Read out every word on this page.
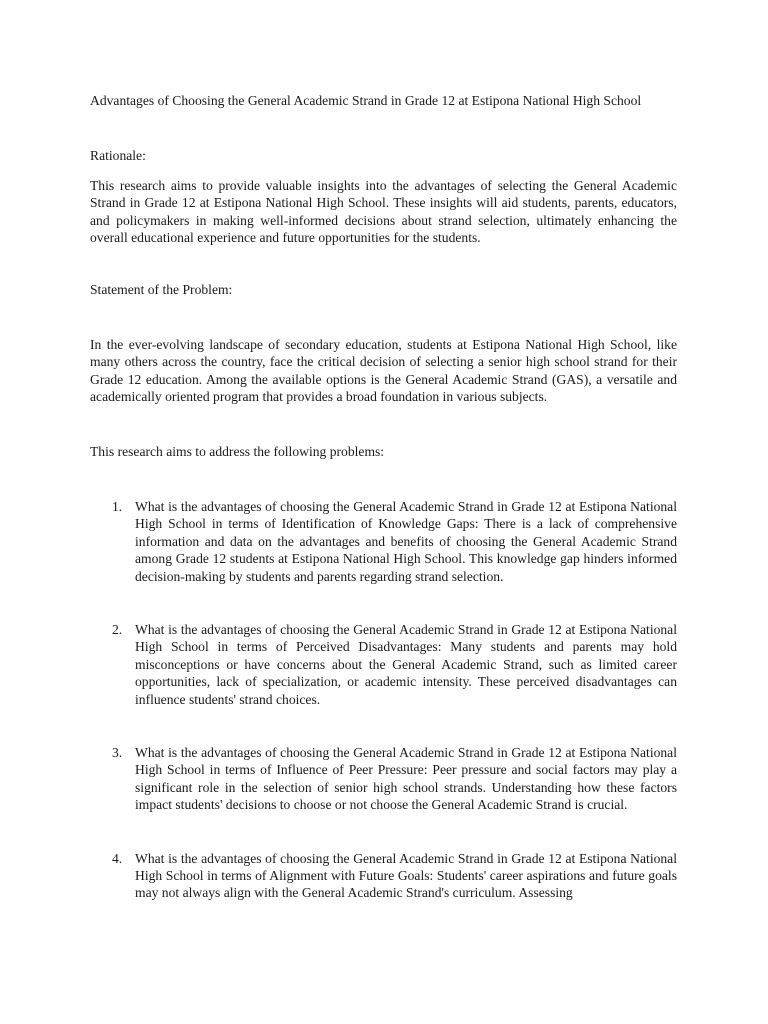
Advantages of Choosing the General Academic Strand in Grade 12 at Estipona National High School
Rationale:

This research aims to provide valuable insights into the advantages of selecting the General Academic Strand in Grade 12 at Estipona National High School. These insights will aid students, parents, educators, and policymakers in making well-informed decisions about strand selection, ultimately enhancing the overall educational experience and future opportunities for the students.

Statement of the Problem:

In the ever-evolving landscape of secondary education, students at Estipona National High School, like many others across the country, face the critical decision of selecting a senior high school strand for their Grade 12 education. Among the available options is the General Academic Strand (GAS), a versatile and academically oriented program that provides a broad foundation in various subjects.

This research aims to address the following problems:

1. What is the advantages of choosing the General Academic Strand in Grade 12 at Estipona National High School in terms of Identification of Knowledge Gaps: There is a lack of comprehensive information and data on the advantages and benefits of choosing the General Academic Strand among Grade 12 students at Estipona National High School. This knowledge gap hinders informed decision-making by students and parents regarding strand selection.
2. What is the advantages of choosing the General Academic Strand in Grade 12 at Estipona National High School in terms of Perceived Disadvantages: Many students and parents may hold misconceptions or have concerns about the General Academic Strand, such as limited career opportunities, lack of specialization, or academic intensity. These perceived disadvantages can influence students' strand choices.
3. What is the advantages of choosing the General Academic Strand in Grade 12 at Estipona National High School in terms of Influence of Peer Pressure: Peer pressure and social factors may play a significant role in the selection of senior high school strands. Understanding how these factors impact students' decisions to choose or not choose the General Academic Strand is crucial.
4. What is the advantages of choosing the General Academic Strand in Grade 12 at Estipona National High School in terms of Alignment with Future Goals: Students' career aspirations and future goals may not always align with the General Academic Strand's curriculum. Assessing
